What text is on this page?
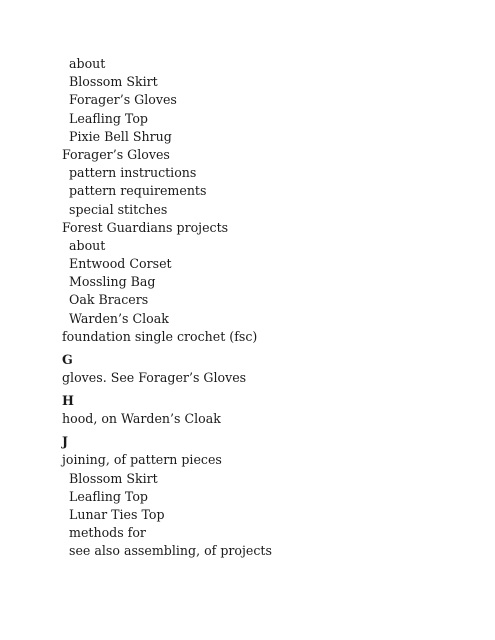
about
Blossom Skirt
Forager’s Gloves
Leafling Top
Pixie Bell Shrug
Forager’s Gloves
pattern instructions
pattern requirements
special stitches
Forest Guardians projects
about
Entwood Corset
Mossling Bag
Oak Bracers
Warden’s Cloak
foundation single crochet (fsc)
G
gloves. See Forager’s Gloves
H
hood, on Warden’s Cloak
J
joining, of pattern pieces
Blossom Skirt
Leafling Top
Lunar Ties Top
methods for
see also assembling, of projects
